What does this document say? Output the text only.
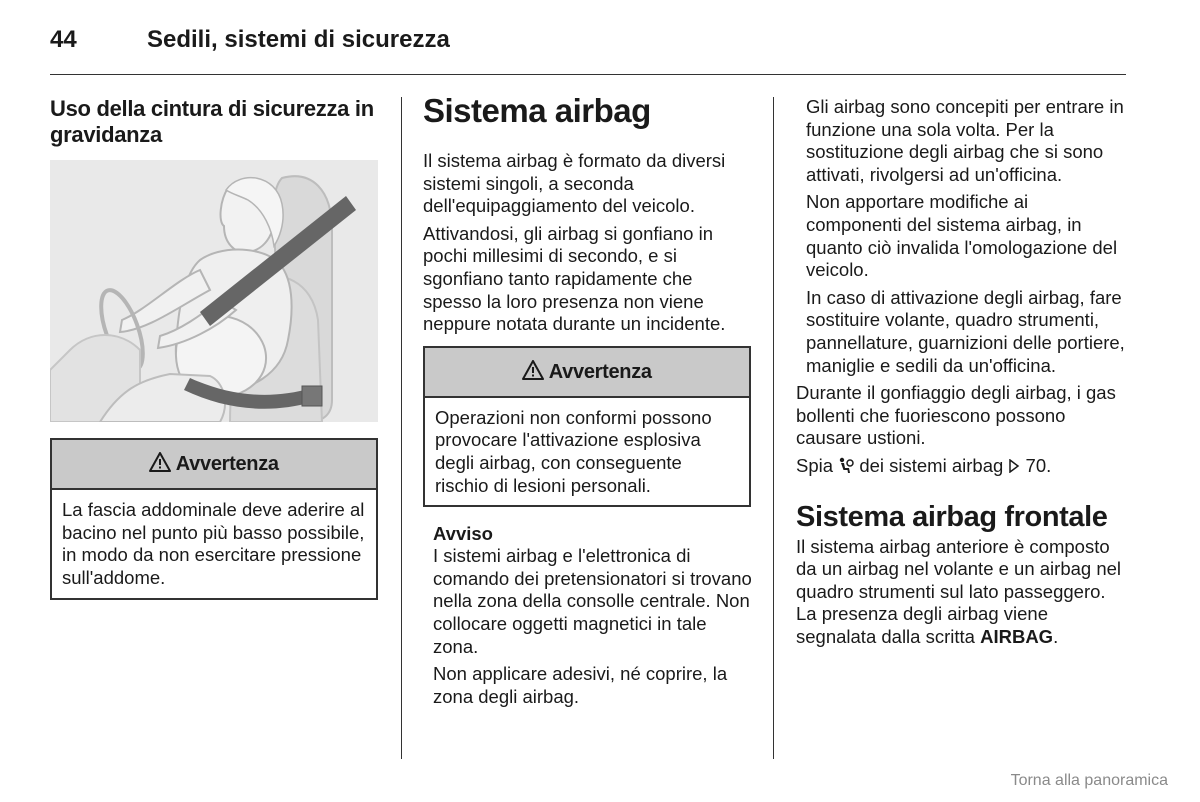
44	Sedili, sistemi di sicurezza
Uso della cintura di sicurezza in gravidanza
Avvertenza
La fascia addominale deve aderire al bacino nel punto più basso possibile, in modo da non esercitare pressione sull'addome.
Sistema airbag

Il sistema airbag è formato da diversi sistemi singoli, a seconda dell'equipaggiamento del veicolo.

Attivandosi, gli airbag si gonfiano in pochi millesimi di secondo, e si sgonfiano tanto rapidamente che spesso la loro presenza non viene neppure notata durante un incidente.

Avvertenza
Operazioni non conformi possono provocare l'attivazione esplosiva degli airbag, con conseguente rischio di lesioni personali.
Avviso

I sistemi airbag e l'elettronica di comando dei pretensionatori si trovano nella zona della consolle centrale. Non collocare oggetti magnetici in tale zona.

Non applicare adesivi, né coprire, la zona degli airbag.

Gli airbag sono concepiti per entrare in funzione una sola volta. Per la sostituzione degli airbag che si sono attivati, rivolgersi ad un'officina.

Non apportare modifiche ai componenti del sistema airbag, in quanto ciò invalida l'omologazione del veicolo.

In caso di attivazione degli airbag, fare sostituire volante, quadro strumenti, pannellature, guarnizioni delle portiere, maniglie e sedili da un'officina.

Durante il gonfiaggio degli airbag, i gas bollenti che fuoriescono possono causare ustioni.

Spia dei sistemi airbag 70.

Sistema airbag frontale

Il sistema airbag anteriore è composto da un airbag nel volante e un airbag nel quadro strumenti sul lato passeggero. La presenza degli airbag viene segnalata dalla scritta AIRBAG.

Torna alla panoramica
